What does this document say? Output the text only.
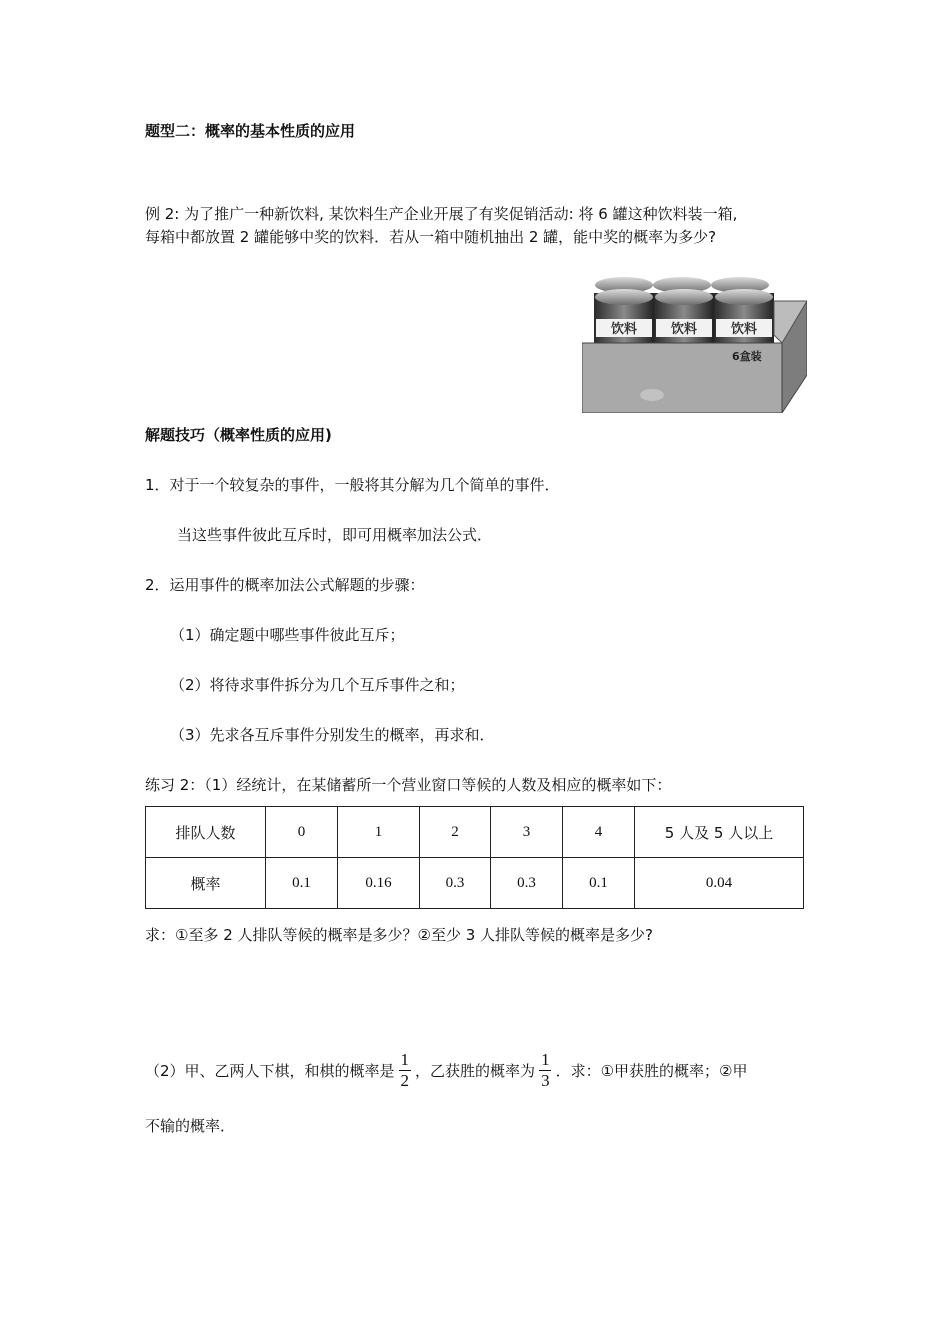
题型二：概率的基本性质的应用
例 2: 为了推广一种新饮料, 某饮料生产企业开展了有奖促销活动: 将 6 罐这种饮料装一箱,
每箱中都放置 2 罐能够中奖的饮料．若从一箱中随机抽出 2 罐，能中奖的概率为多少?
饮料	饮料	饮料
6盒装
解题技巧（概率性质的应用)
1．对于一个较复杂的事件，一般将其分解为几个简单的事件．
当这些事件彼此互斥时，即可用概率加法公式．
2．运用事件的概率加法公式解题的步骤：
（1）确定题中哪些事件彼此互斥；
（2）将待求事件拆分为几个互斥事件之和；
（3）先求各互斥事件分别发生的概率，再求和．
练习 2：（1）经统计，在某储蓄所一个营业窗口等候的人数及相应的概率如下：
排队人数	0	1	2	3	4	5 人及 5 人以上
概率	0.1	0.16	0.3	0.3	0.1	0.04
求：①至多 2 人排队等候的概率是多少？②至少 3 人排队等候的概率是多少?
（2）甲、乙两人下棋，和棋的概率是 $\frac{1}{2}$ ，乙获胜的概率为 $\frac{1}{3}$ ．求：①甲获胜的概率；②甲
不输的概率．
